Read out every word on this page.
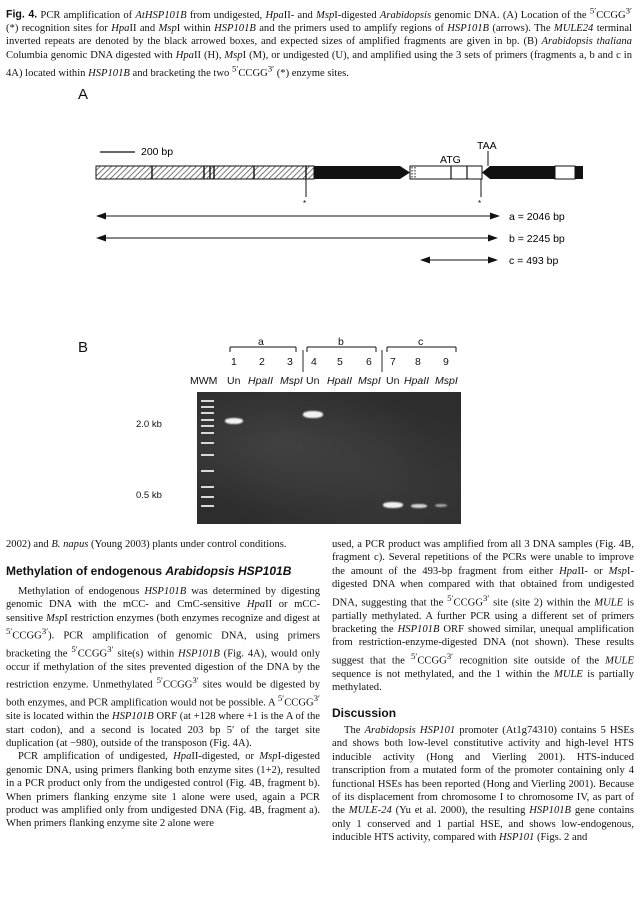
Fig. 4. PCR amplification of AtHSP101B from undigested, HpaII- and MspI-digested Arabidopsis genomic DNA. (A) Location of the $^{5'}CCGG^{3'}$ (*) recognition sites for HpaII and MspI within HSP101B and the primers used to amplify regions of HSP101B (arrows). The MULE24 terminal inverted repeats are denoted by the black arrowed boxes, and expected sizes of amplified fragments are given in bp. (B) Arabidopsis thaliana Columbia genomic DNA digested with HpaII (H), MspI (M), or undigested (U), and amplified using the 3 sets of primers (fragments a, b and c in 4A) located within HSP101B and bracketing the two $^{5'}CCGG^{3'}$ (*) enzyme sites.
A
200 bp
ATG
TAA
*	*
a = 2046 bp
b = 2245 bp
c = 493 bp
B	a	b	c
1 2 3 4 5 6 7 8 9
MWM Un HpaII MspI Un HpaII MspI Un HpaII MspI
2.0 kb
0.5 kb

2002) and B. napus (Young 2003) plants under control conditions.

Methylation of endogenous Arabidopsis HSP101B

Methylation of endogenous HSP101B was determined by digesting genomic DNA with the mCC- and CmC-sensitive HpaII or mCC-sensitive MspI restriction enzymes (both enzymes recognize and digest at $^{5'}CCGG^{3'}$). PCR amplification of genomic DNA, using primers bracketing the $^{5'}CCGG^{3'}$ site(s) within HSP101B (Fig. 4A), would only occur if methylation of the sites prevented digestion of the DNA by the restriction enzyme. Unmethylated $^{5'}CCGG^{3'}$ sites would be digested by both enzymes, and PCR amplification would not be possible. A $^{5'}CCGG^{3'}$ site is located within the HSP101B ORF (at +128 where +1 is the A of the start codon), and a second is located 203 bp 5′ of the target site duplication (at −980), outside of the transposon (Fig. 4A).

PCR amplification of undigested, HpaII-digested, or MspI-digested genomic DNA, using primers flanking both enzyme sites (1+2), resulted in a PCR product only from the undigested control (Fig. 4B, fragment b). When primers flanking enzyme site 1 alone were used, again a PCR product was amplified only from undigested DNA (Fig. 4B, fragment a). When primers flanking enzyme site 2 alone were

used, a PCR product was amplified from all 3 DNA samples (Fig. 4B, fragment c). Several repetitions of the PCRs were unable to improve the amount of the 493-bp fragment from either HpaII- or MspI-digested DNA when compared with that obtained from undigested DNA, suggesting that the $^{5'}CCGG^{3'}$ site (site 2) within the MULE is partially methylated. A further PCR using a different set of primers bracketing the HSP101B ORF showed similar, unequal amplification from restriction-enzyme-digested DNA (not shown). These results suggest that the $^{5'}CCGG^{3'}$ recognition site outside of the MULE sequence is not methylated, and the 1 within the MULE is partially methylated.

Discussion

The Arabidopsis HSP101 promoter (At1g74310) contains 5 HSEs and shows both low-level constitutive activity and high-level HTS inducible activity (Hong and Vierling 2001). HTS-induced transcription from a mutated form of the promoter containing only 4 functional HSEs has been reported (Hong and Vierling 2001). Because of its displacement from chromosome I to chromosome IV, as part of the MULE-24 (Yu et al. 2000), the resulting HSP101B gene contains only 1 conserved and 1 partial HSE, and shows low-endogenous, inducible HTS activity, compared with HSP101 (Figs. 2 and
